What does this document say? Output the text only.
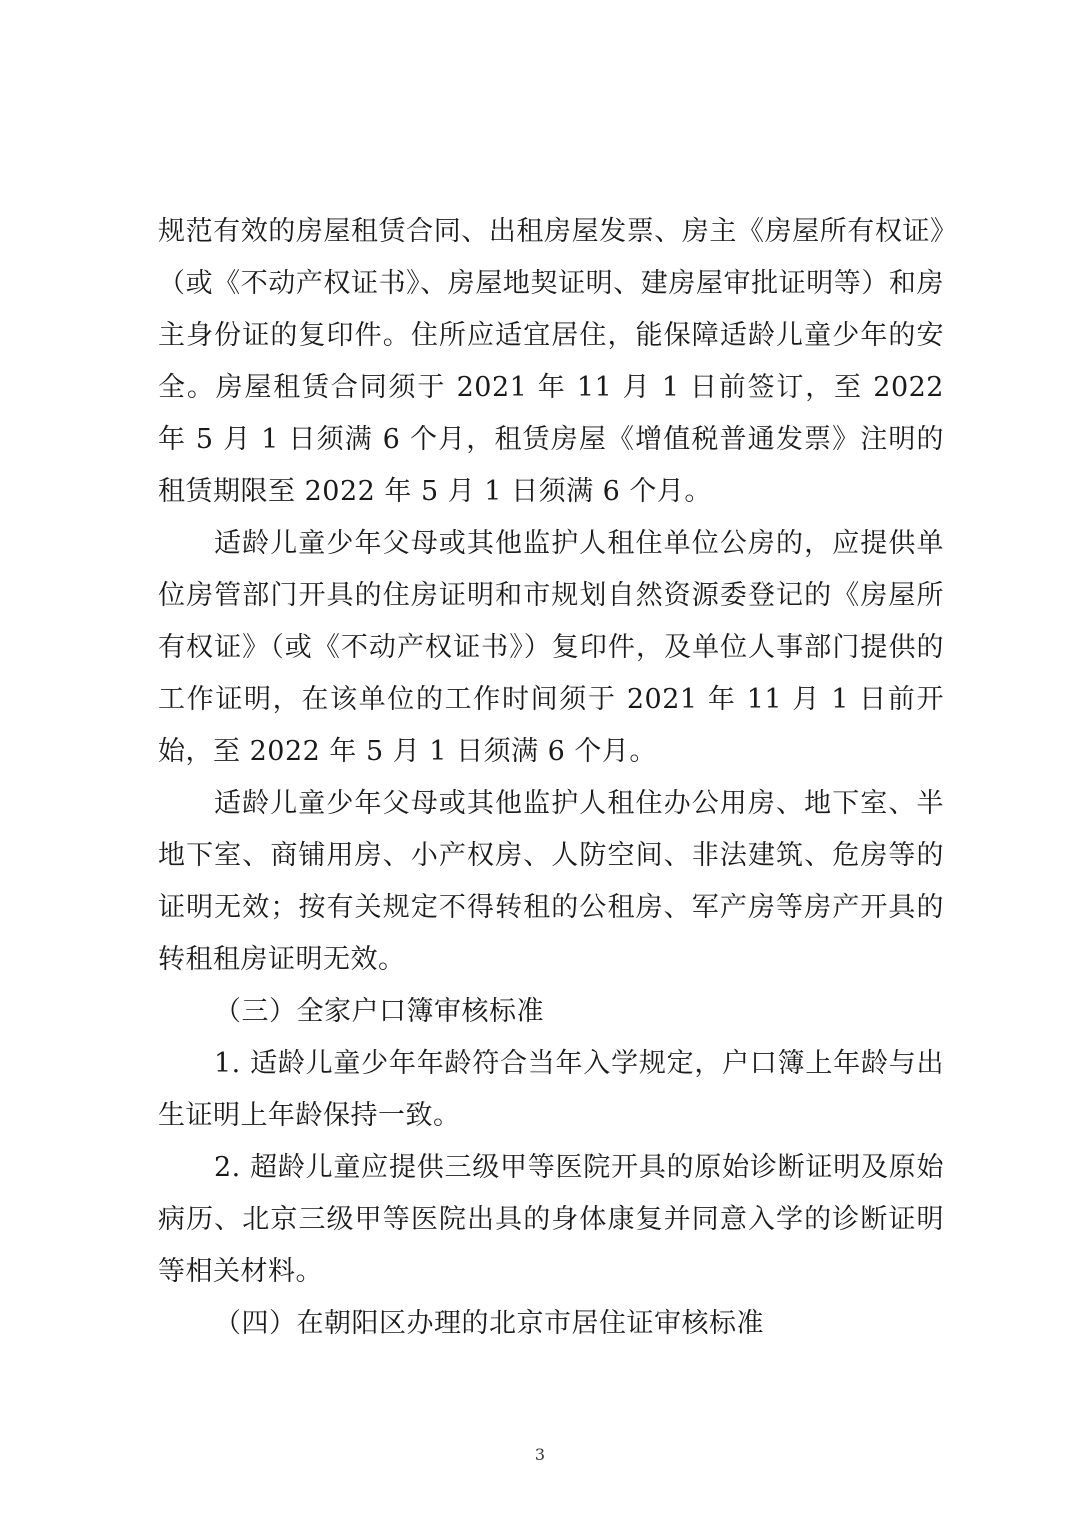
规范有效的房屋租赁合同、出租房屋发票、房主《房屋所有权证》（或《不动产权证书》、房屋地契证明、建房屋审批证明等）和房主身份证的复印件。住所应适宜居住，能保障适龄儿童少年的安全。房屋租赁合同须于 2021 年 11 月 1 日前签订，至 2022 年 5 月 1 日须满 6 个月，租赁房屋《增值税普通发票》注明的租赁期限至 2022 年 5 月 1 日须满 6 个月。

适龄儿童少年父母或其他监护人租住单位公房的，应提供单位房管部门开具的住房证明和市规划自然资源委登记的《房屋所有权证》（或《不动产权证书》）复印件，及单位人事部门提供的工作证明，在该单位的工作时间须于 2021 年 11 月 1 日前开始，至 2022 年 5 月 1 日须满 6 个月。

适龄儿童少年父母或其他监护人租住办公用房、地下室、半地下室、商铺用房、小产权房、人防空间、非法建筑、危房等的证明无效；按有关规定不得转租的公租房、军产房等房产开具的转租租房证明无效。

（三）全家户口簿审核标准

1. 适龄儿童少年年龄符合当年入学规定，户口簿上年龄与出生证明上年龄保持一致。

2. 超龄儿童应提供三级甲等医院开具的原始诊断证明及原始病历、北京三级甲等医院出具的身体康复并同意入学的诊断证明等相关材料。

（四）在朝阳区办理的北京市居住证审核标准

3
